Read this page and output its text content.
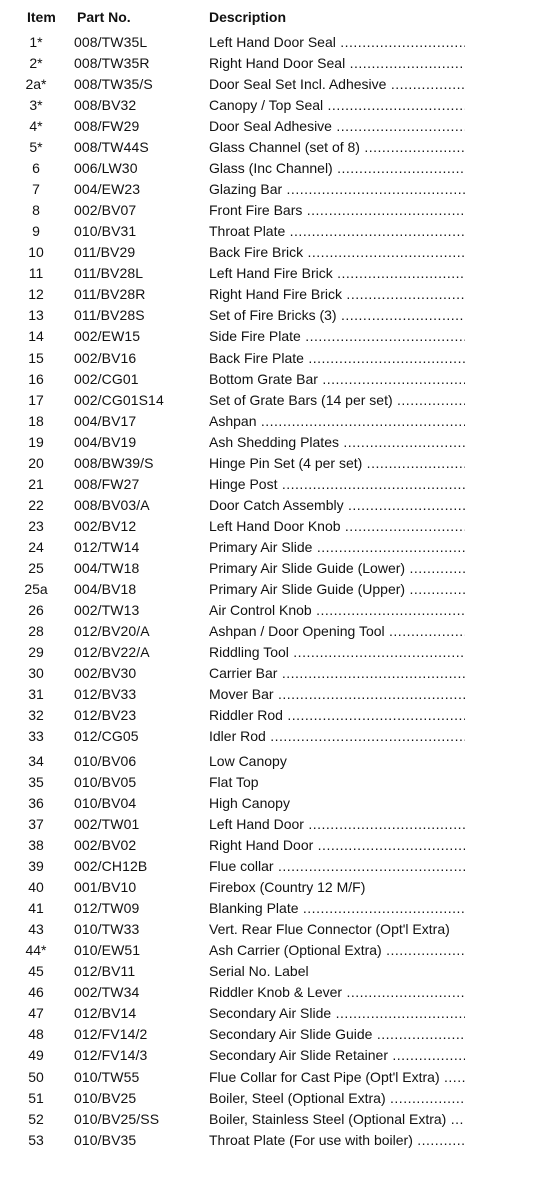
Item Part No.	Description
1*	008/TW35L	Left Hand Door Seal .....
2*	008/TW35R	Right Hand Door Seal .....
2a*	008/TW35/S	Door Seal Set Incl. Adhesive .....
3*	008/BV32	Canopy / Top Seal .....
4*	008/FW29	Door Seal Adhesive .....
5*	008/TW44S	Glass Channel (set of 8) .....
6	006/LW30	Glass (Inc Channel) .....
7	004/EW23	Glazing Bar .....
8	002/BV07	Front Fire Bars .....
9	010/BV31	Throat Plate .....
10	011/BV29	Back Fire Brick .....
11	011/BV28L	Left Hand Fire Brick .....
12	011/BV28R	Right Hand Fire Brick .....
13	011/BV28S	Set of Fire Bricks (3) .....
14	002/EW15	Side Fire Plate .....
15	002/BV16	Back Fire Plate .....
16	002/CG01	Bottom Grate Bar .....
17	002/CG01S14	Set of Grate Bars (14 per set) .....
18	004/BV17	Ashpan .....
19	004/BV19	Ash Shedding Plates .....
20	008/BW39/S	Hinge Pin Set (4 per set) .....
21	008/FW27	Hinge Post .....
22	008/BV03/A	Door Catch Assembly .....
23	002/BV12	Left Hand Door Knob .....
24	012/TW14	Primary Air Slide .....
25	004/TW18	Primary Air Slide Guide (Lower) .....
25a	004/BV18	Primary Air Slide Guide (Upper) .....
26	002/TW13	Air Control Knob .....
28	012/BV20/A	Ashpan / Door Opening Tool .....
29	012/BV22/A	Riddling Tool .....
30	002/BV30	Carrier Bar .....
31	012/BV33	Mover Bar .....
32	012/BV23	Riddler Rod .....
33	012/CG05	Idler Rod .....
34	010/BV06	Low Canopy
35	010/BV05	Flat Top
36	010/BV04	High Canopy
37	002/TW01	Left Hand Door .....
38	002/BV02	Right Hand Door .....
39	002/CH12B	Flue collar .....
40	001/BV10	Firebox (Country 12 M/F)
41	012/TW09	Blanking Plate .....
43	010/TW33	Vert. Rear Flue Connector (Opt'l Extra)
44*	010/EW51	Ash Carrier (Optional Extra) .....
45	012/BV11	Serial No. Label
46	002/TW34	Riddler Knob & Lever .....
47	012/BV14	Secondary Air Slide .....
48	012/FV14/2	Secondary Air Slide Guide .....
49	012/FV14/3	Secondary Air Slide Retainer .....
50	010/TW55	Flue Collar for Cast Pipe (Opt'l Extra) .....
51	010/BV25	Boiler, Steel (Optional Extra) .....
52	010/BV25/SS	Boiler, Stainless Steel (Optional Extra) .....
53	010/BV35	Throat Plate (For use with boiler) .....
